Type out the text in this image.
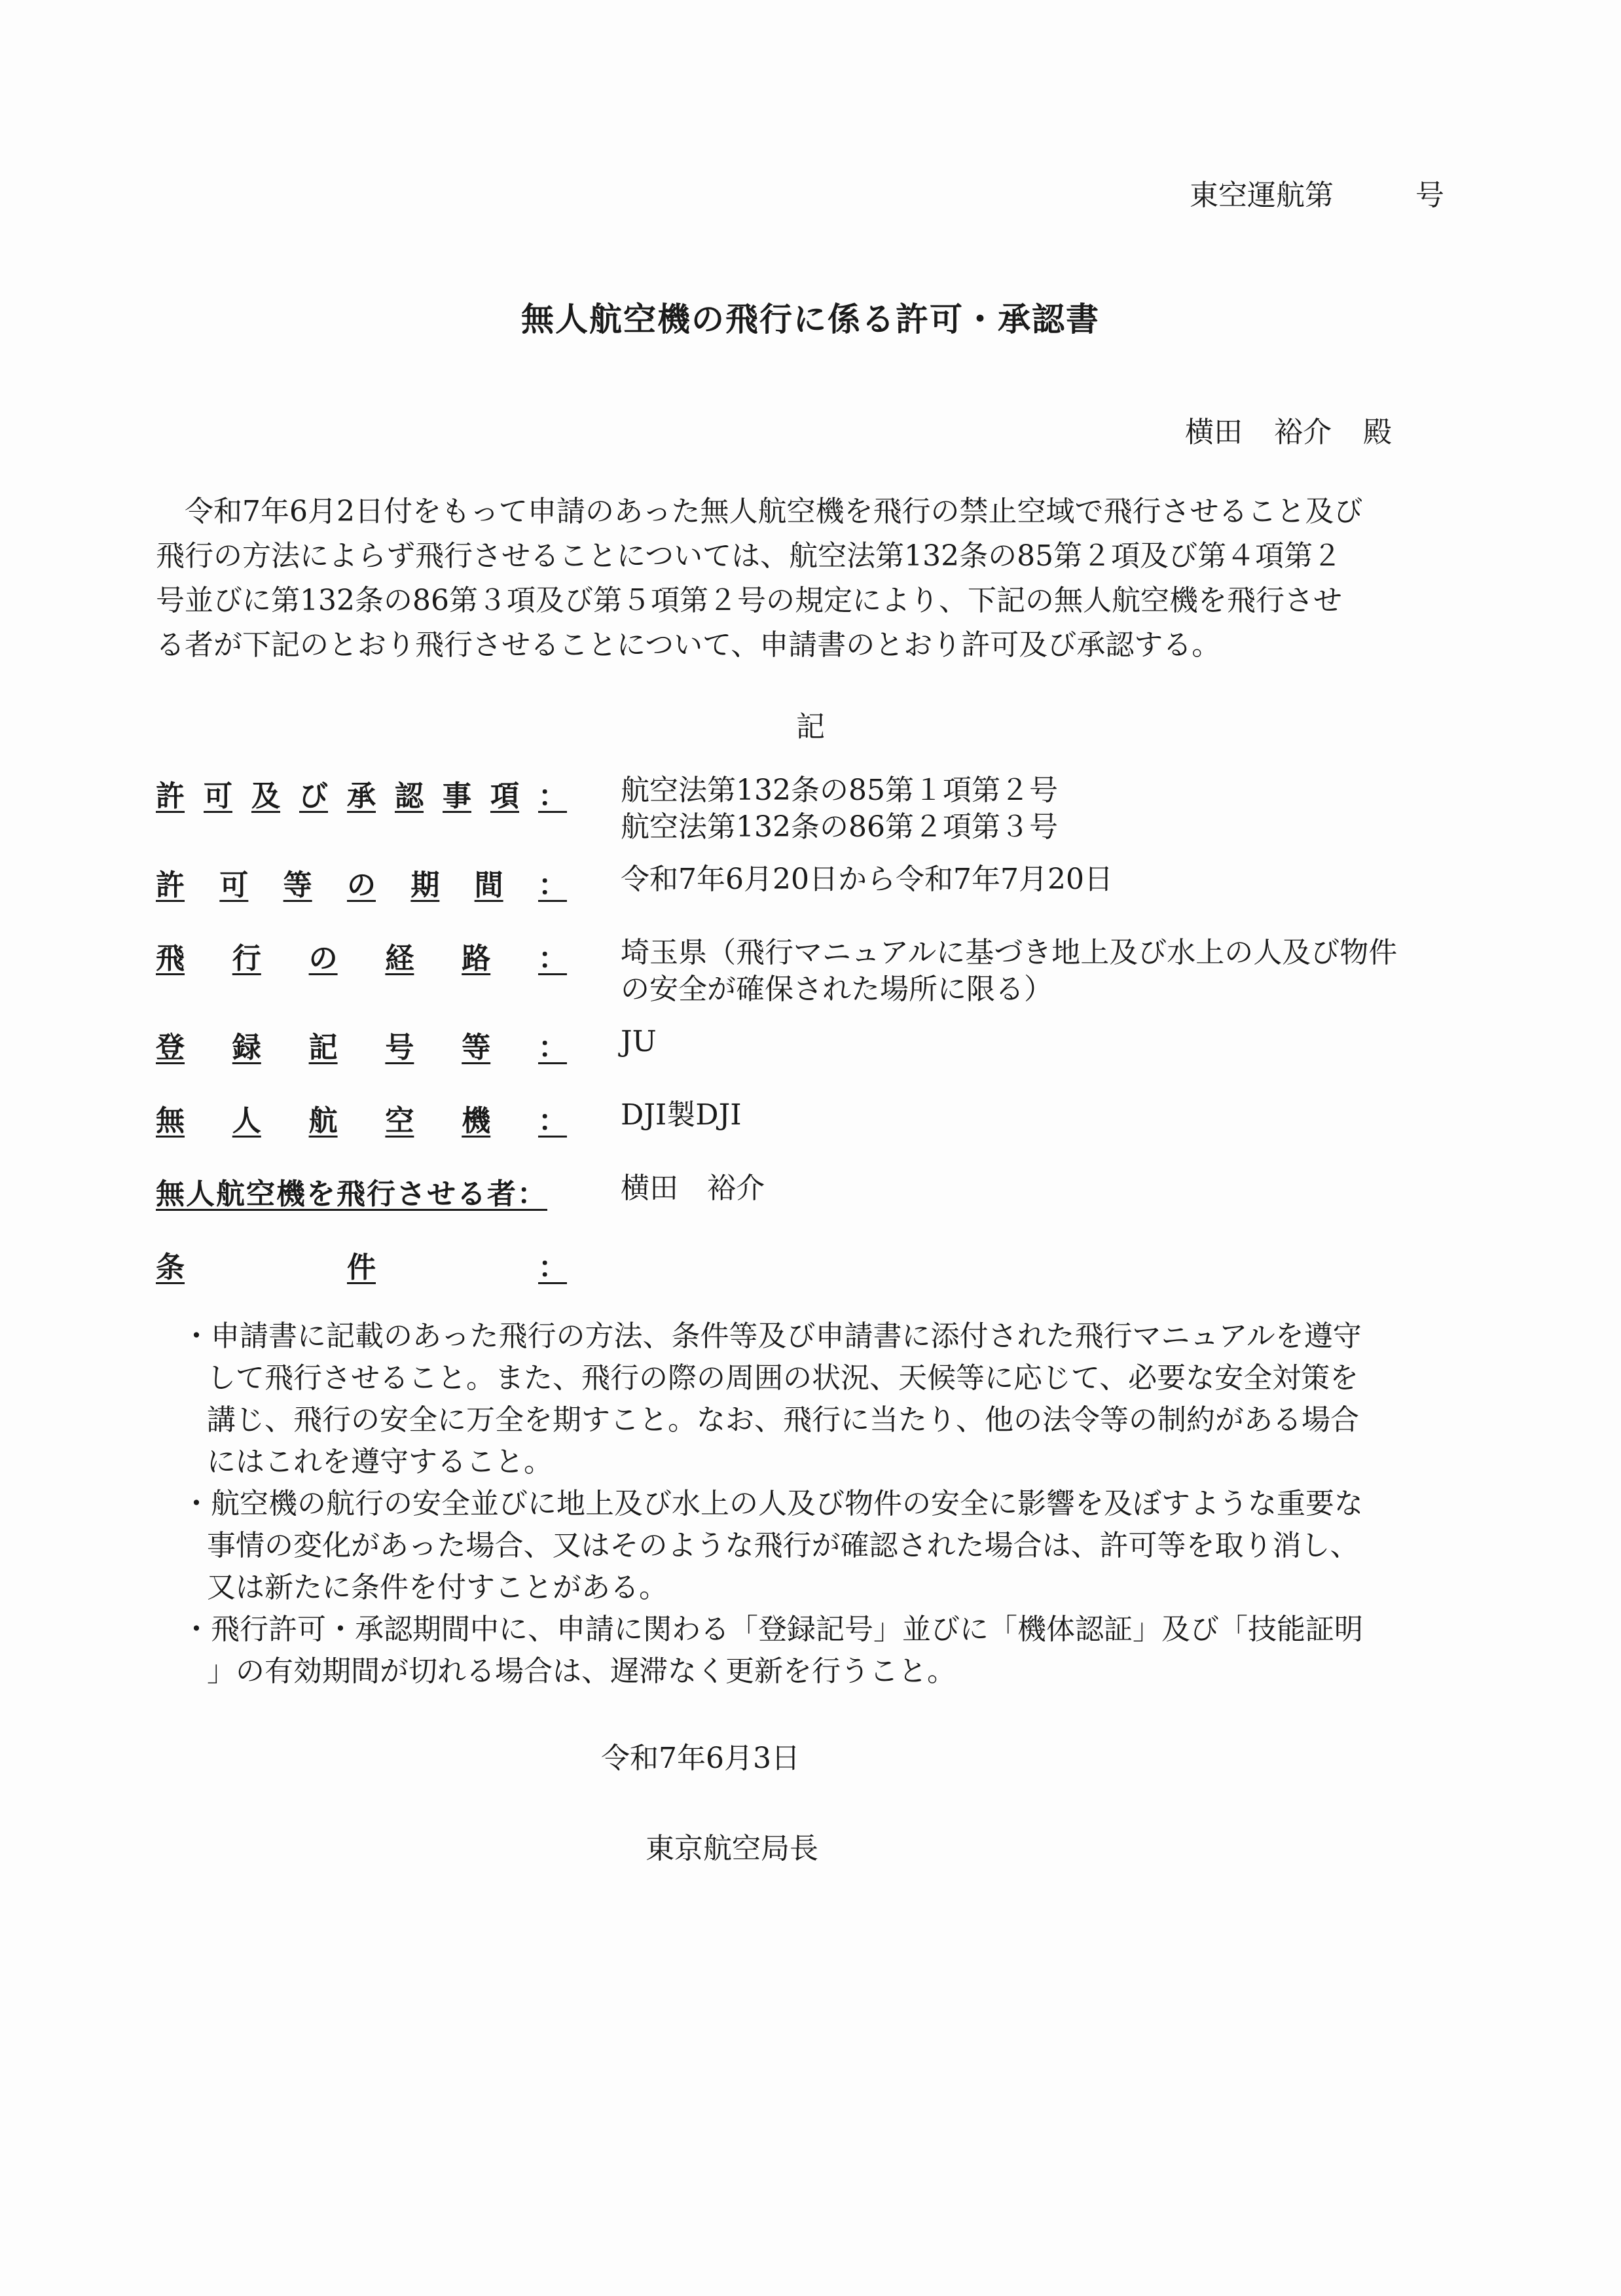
東空運航第	号
無人航空機の飛行に係る許可・承認書
横田 裕介 殿
令和7年6月2日付をもって申請のあった無人航空機を飛行の禁止空域で飛行させること及び
飛行の方法によらず飛行させることについては、航空法第132条の85第２項及び第４項第２
号並びに第132条の86第３項及び第５項第２号の規定により、下記の無人航空機を飛行させ
る者が下記のとおり飛行させることについて、申請書のとおり許可及び承認する。
記
許 可 及 び 承 認 事 項 ： 航空法第132条の85第１項第２号
航空法第132条の86第２項第３号
許 可 等 の 期 間 ： 令和7年6月20日から令和7年7月20日
飛 行 の 経 路 ： 埼玉県（飛行マニュアルに基づき地上及び水上の人及び物件
の安全が確保された場所に限る）
登 録 記 号 等 ： JU
無 人 航 空 機 ： DJI製DJI
無人航空機を飛行させる者：	横田　裕介
条	件	：
・申請書に記載のあった飛行の方法、条件等及び申請書に添付された飛行マニュアルを遵守
して飛行させること。また、飛行の際の周囲の状況、天候等に応じて、必要な安全対策を
講じ、飛行の安全に万全を期すこと。なお、飛行に当たり、他の法令等の制約がある場合
にはこれを遵守すること。
・航空機の航行の安全並びに地上及び水上の人及び物件の安全に影響を及ぼすような重要な
事情の変化があった場合、又はそのような飛行が確認された場合は、許可等を取り消し、
又は新たに条件を付すことがある。
・飛行許可・承認期間中に、申請に関わる「登録記号」並びに「機体認証」及び「技能証明
」の有効期間が切れる場合は、遅滞なく更新を行うこと。
令和7年6月3日
東京航空局長
